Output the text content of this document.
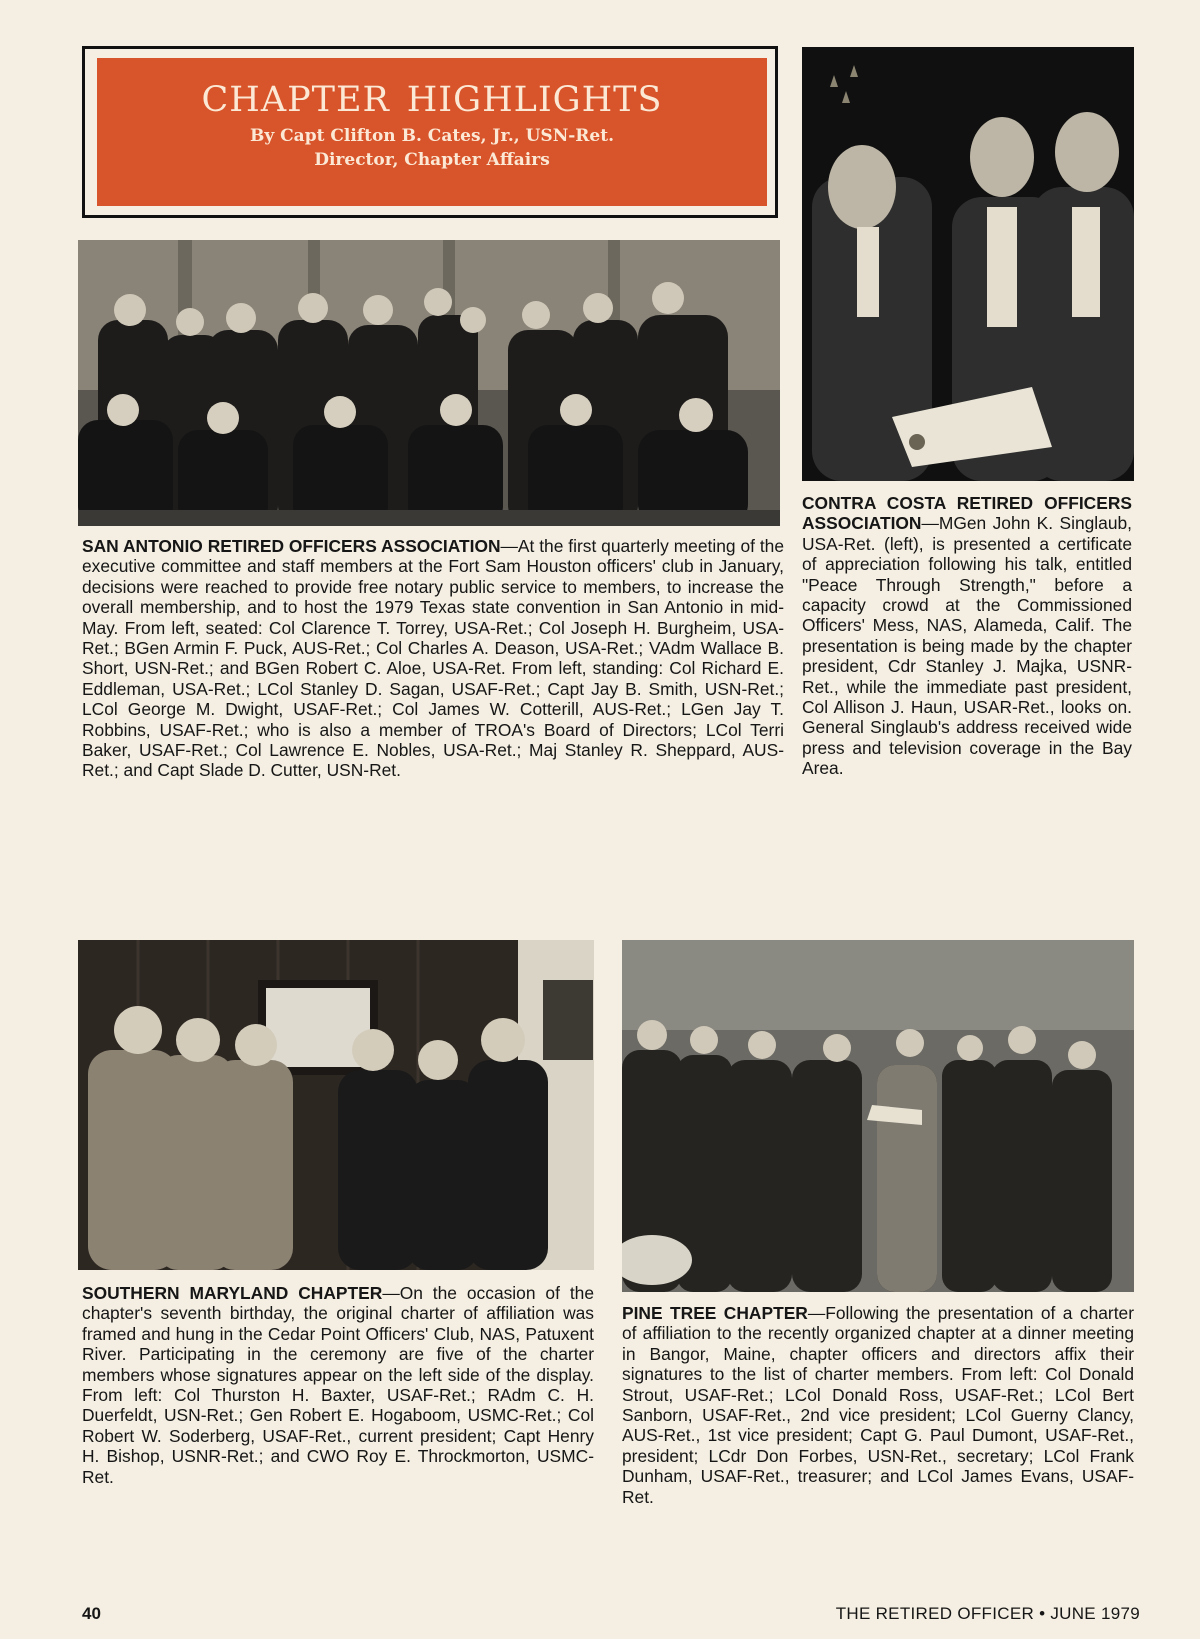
chapter highlights
By Capt Clifton B. Cates, Jr., USN-Ret.
Director, Chapter Affairs

SAN ANTONIO RETIRED OFFICERS ASSOCIATION—At the first quarterly meeting of the executive committee and staff members at the Fort Sam Houston officers' club in January, decisions were reached to provide free notary public service to members, to increase the overall membership, and to host the 1979 Texas state convention in San Antonio in mid-May. From left, seated: Col Clarence T. Torrey, USA-Ret.; Col Joseph H. Burgheim, USA-Ret.; BGen Armin F. Puck, AUS-Ret.; Col Charles A. Deason, USA-Ret.; VAdm Wallace B. Short, USN-Ret.; and BGen Robert C. Aloe, USA-Ret. From left, standing: Col Richard E. Eddleman, USA-Ret.; LCol Stanley D. Sagan, USAF-Ret.; Capt Jay B. Smith, USN-Ret.; LCol George M. Dwight, USAF-Ret.; Col James W. Cotterill, AUS-Ret.; LGen Jay T. Robbins, USAF-Ret.; who is also a member of TROA's Board of Directors; LCol Terri Baker, USAF-Ret.; Col Lawrence E. Nobles, USA-Ret.; Maj Stanley R. Sheppard, AUS-Ret.; and Capt Slade D. Cutter, USN-Ret.

CONTRA COSTA RETIRED OFFICERS ASSOCIATION—MGen John K. Singlaub, USA-Ret. (left), is presented a certificate of appreciation following his talk, entitled "Peace Through Strength," before a capacity crowd at the Commissioned Officers' Mess, NAS, Alameda, Calif. The presentation is being made by the chapter president, Cdr Stanley J. Majka, USNR-Ret., while the immediate past president, Col Allison J. Haun, USAR-Ret., looks on. General Singlaub's address received wide press and television coverage in the Bay Area.

SOUTHERN MARYLAND CHAPTER—On the occasion of the chapter's seventh birthday, the original charter of affiliation was framed and hung in the Cedar Point Officers' Club, NAS, Patuxent River. Participating in the ceremony are five of the charter members whose signatures appear on the left side of the display. From left: Col Thurston H. Baxter, USAF-Ret.; RAdm C. H. Duerfeldt, USN-Ret.; Gen Robert E. Hogaboom, USMC-Ret.; Col Robert W. Soderberg, USAF-Ret., current president; Capt Henry H. Bishop, USNR-Ret.; and CWO Roy E. Throckmorton, USMC-Ret.

PINE TREE CHAPTER—Following the presentation of a charter of affiliation to the recently organized chapter at a dinner meeting in Bangor, Maine, chapter officers and directors affix their signatures to the list of charter members. From left: Col Donald Strout, USAF-Ret.; LCol Donald Ross, USAF-Ret.; LCol Bert Sanborn, USAF-Ret., 2nd vice president; LCol Guerny Clancy, AUS-Ret., 1st vice president; Capt G. Paul Dumont, USAF-Ret., president; LCdr Don Forbes, USN-Ret., secretary; LCol Frank Dunham, USAF-Ret., treasurer; and LCol James Evans, USAF-Ret.

40	THE RETIRED OFFICER • JUNE 1979
